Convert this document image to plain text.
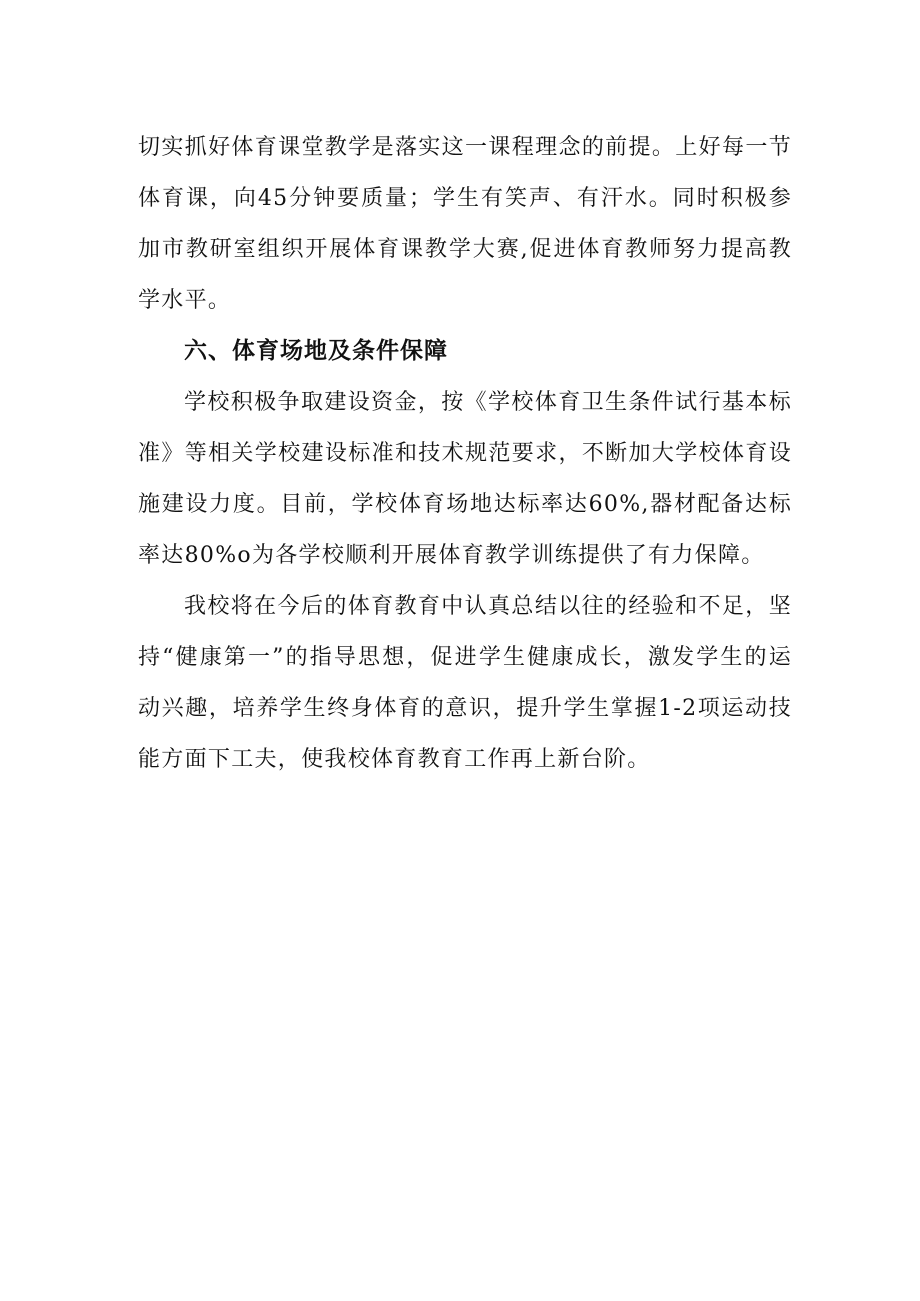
切实抓好体育课堂教学是落实这一课程理念的前提。上好每一节体育课，向45分钟要质量；学生有笑声、有汗水。同时积极参加市教研室组织开展体育课教学大赛,促进体育教师努力提高教学水平。

六、体育场地及条件保障

学校积极争取建设资金，按《学校体育卫生条件试行基本标准》等相关学校建设标准和技术规范要求，不断加大学校体育设施建设力度。目前，学校体育场地达标率达60%,器材配备达标率达80%o为各学校顺利开展体育教学训练提供了有力保障。

我校将在今后的体育教育中认真总结以往的经验和不足，坚持“健康第一”的指导思想，促进学生健康成长，激发学生的运动兴趣，培养学生终身体育的意识，提升学生掌握1-2项运动技能方面下工夫，使我校体育教育工作再上新台阶。
